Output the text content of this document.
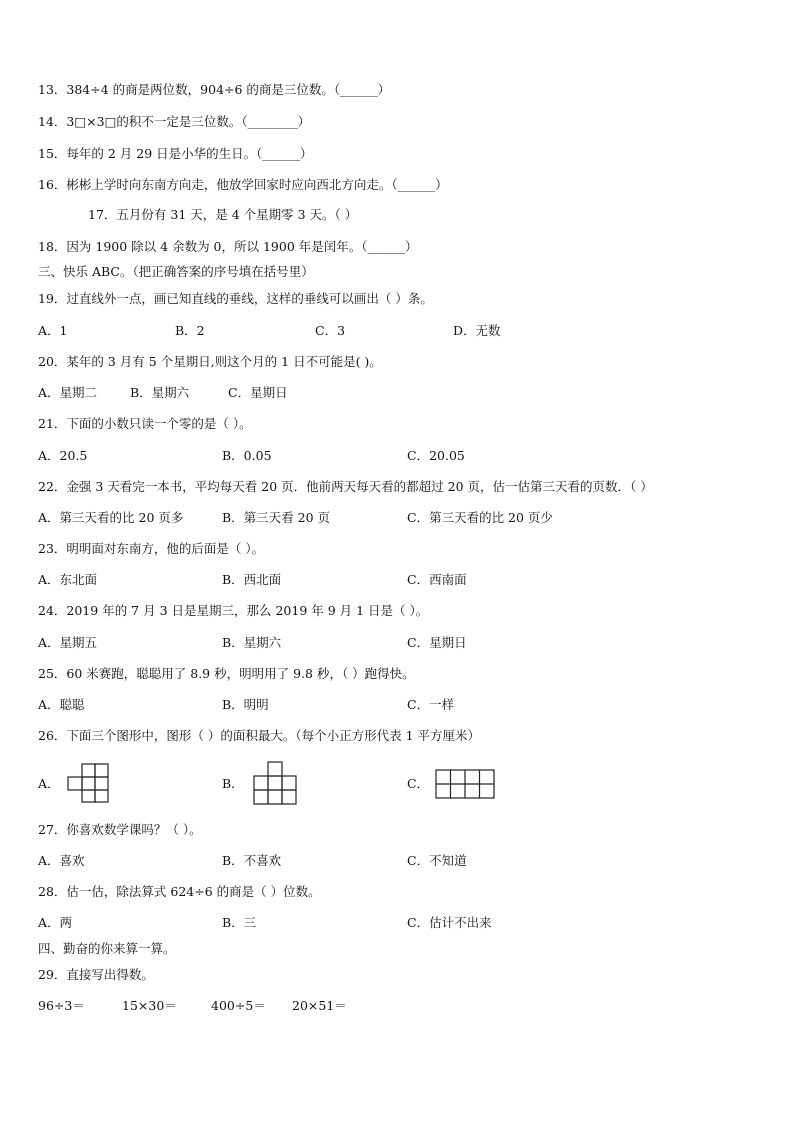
13．384÷4 的商是两位数，904÷6 的商是三位数。（______）
14．3□×3□的积不一定是三位数。（________）
15．每年的 2 月 29 日是小华的生日。（______）
16．彬彬上学时向东南方向走，他放学回家时应向西北方向走。（______）
17．五月份有 31 天，是 4 个星期零 3 天。（ ）
18．因为 1900 除以 4 余数为 0，所以 1900 年是闰年。（______）
三、快乐 ABC。（把正确答案的序号填在括号里）
19．过直线外一点，画已知直线的垂线，这样的垂线可以画出（ ）条。
A．1	B．2	C．3	D．无数
20．某年的 3 月有 5 个星期日,则这个月的 1 日不可能是( )。
A．星期二	B．星期六	C．星期日
21．下面的小数只读一个零的是（ ）。
A．20.5	B．0.05	C．20.05
22．金强 3 天看完一本书，平均每天看 20 页．他前两天每天看的都超过 20 页，估一估第三天看的页数．（ ）
A．第三天看的比 20 页多	B．第三天看 20 页	C．第三天看的比 20 页少
23．明明面对东南方，他的后面是（ ）。
A．东北面	B．西北面	C．西南面
24．2019 年的 7 月 3 日是星期三，那么 2019 年 9 月 1 日是（ ）。
A．星期五	B．星期六	C．星期日
25．60 米赛跑，聪聪用了 8.9 秒，明明用了 9.8 秒，（ ）跑得快。
A．聪聪	B．明明	C．一样
26．下面三个图形中，图形（ ）的面积最大。（每个小正方形代表 1 平方厘米）
A．	B．	C．
27．你喜欢数学课吗？（ ）。
A．喜欢	B．不喜欢	C．不知道
28．估一估，除法算式 624÷6 的商是（ ）位数。
A．两	B．三	C．估计不出来
四、勤奋的你来算一算。
29．直接写出得数。
96÷3＝	15×30＝	400÷5＝ 20×51＝
